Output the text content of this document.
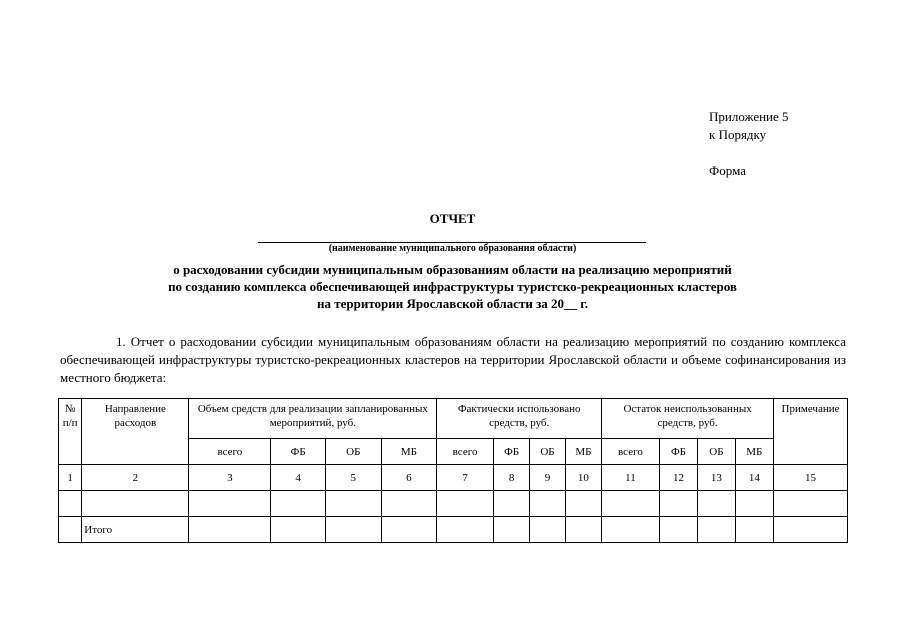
Приложение 5
к Порядку
Форма
ОТЧЕТ
(наименование муниципального образования области)
о расходовании субсидии муниципальным образованиям области на реализацию мероприятий
по созданию комплекса обеспечивающей инфраструктуры туристско-рекреационных кластеров
на территории Ярославской области за 20__ г.
1. Отчет о расходовании субсидии муниципальным образованиям области на реализацию мероприятий по созданию комплекса обеспечивающей инфраструктуры туристско-рекреационных кластеров на территории Ярославской области и объеме софинансирования из местного бюджета:
№ п/п	Направление расходов	Объем средств для реализации запланированных мероприятий, руб.				Фактически использовано средств, руб.				Остаток неиспользованных средств, руб.				Примечание
		всего	ФБ	ОБ	МБ	всего	ФБ	ОБ	МБ	всего	ФБ	ОБ	МБ	
1	2	3	4	5	6	7	8	9	10	11	12	13	14	15

	Итого													
